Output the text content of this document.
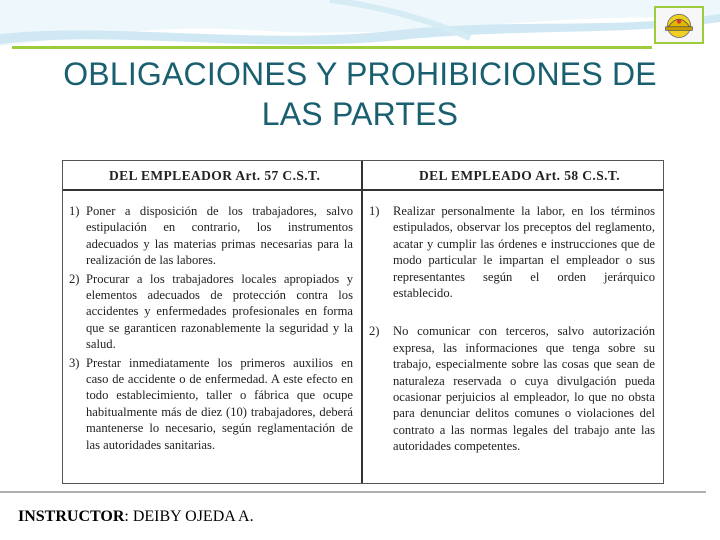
OBLIGACIONES Y PROHIBICIONES DE
LAS PARTES
DEL EMPLEADOR Art. 57 C.S.T.
1) Poner a disposición de los trabajadores, salvo estipulación en contrario, los instrumentos adecuados y las materias primas necesarias para la realización de las labores.
2) Procurar a los trabajadores locales apropiados y elementos adecuados de protección contra los accidentes y enfermedades profesionales en forma que se garanticen razonablemente la seguridad y la salud.
3) Prestar inmediatamente los primeros auxilios en caso de accidente o de enfermedad. A este efecto en todo establecimiento, taller o fábrica que ocupe habitualmente más de diez (10) trabajadores, deberá mantenerse lo necesario, según reglamentación de las autoridades sanitarias.
DEL EMPLEADO Art. 58 C.S.T.
1)	Realizar personalmente la labor, en los términos estipulados, observar los preceptos del reglamento, acatar y cumplir las órdenes e instrucciones que de modo particular le impartan el empleador o sus representantes según el orden jerárquico establecido.
2)	No comunicar con terceros, salvo autorización expresa, las informaciones que tenga sobre su trabajo, especialmente sobre las cosas que sean de naturaleza reservada o cuya divulgación pueda ocasionar perjuicios al empleador, lo que no obsta para denunciar delitos comunes o violaciones del contrato a las normas legales del trabajo ante las autoridades competentes.
INSTRUCTOR: DEIBY OJEDA A.
